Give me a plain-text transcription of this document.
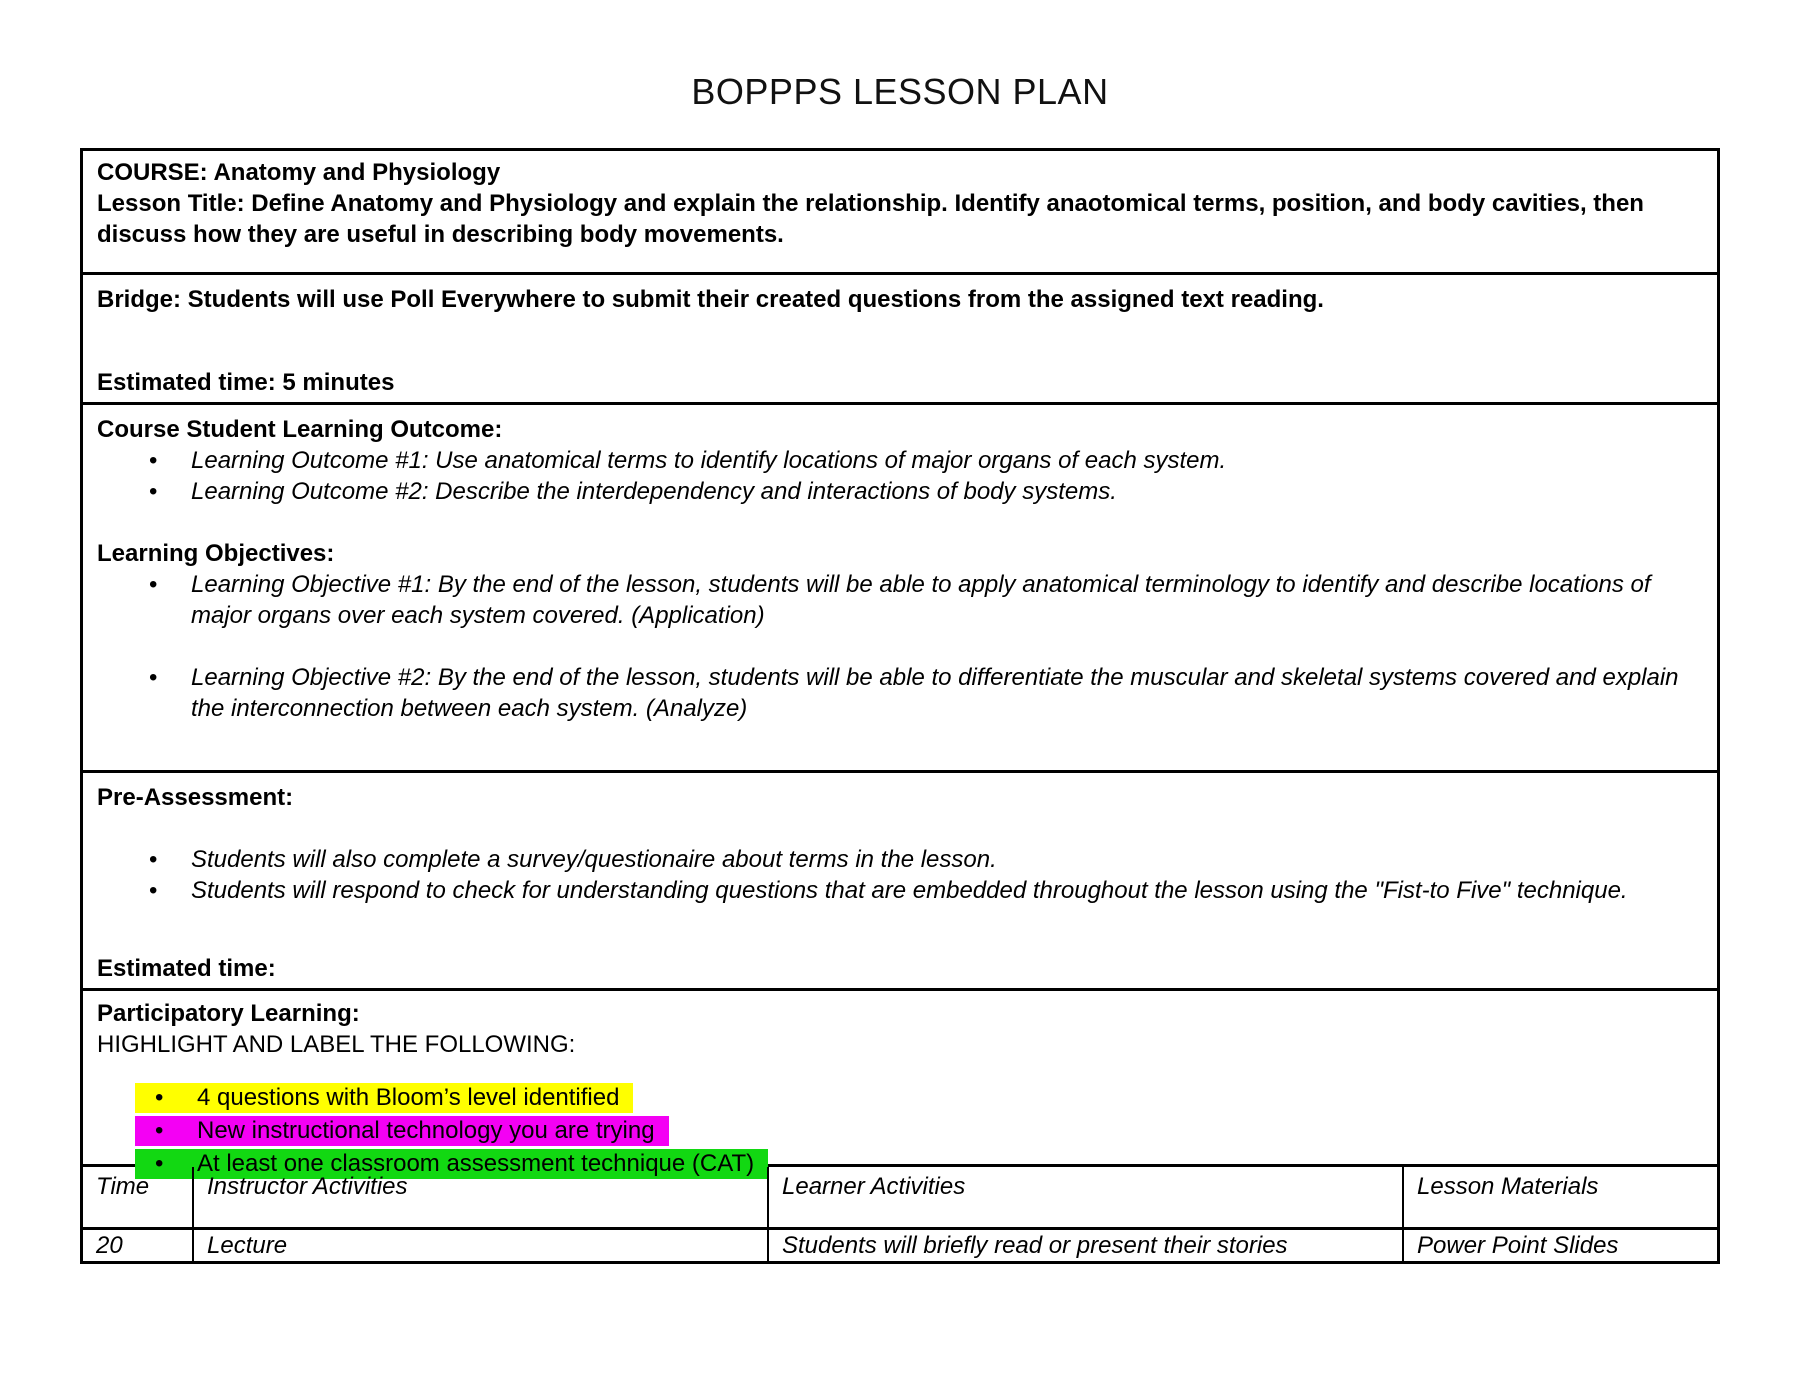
BOPPPS LESSON PLAN
COURSE: Anatomy and Physiology
Lesson Title: Define Anatomy and Physiology and explain the relationship. Identify anaotomical terms, position, and body cavities, then discuss how they are useful in describing body movements.
Bridge: Students will use Poll Everywhere to submit their created questions from the assigned text reading.
Estimated time: 5 minutes
Course Student Learning Outcome:
•
Learning Outcome #1: Use anatomical terms to identify locations of major organs of each system.
•
Learning Outcome #2: Describe the interdependency and interactions of body systems.
Learning Objectives:
•
Learning Objective #1: By the end of the lesson, students will be able to apply anatomical terminology to identify and describe locations of major organs over each system covered. (Application)
•
Learning Objective #2: By the end of the lesson, students will be able to differentiate the muscular and skeletal systems covered and explain the interconnection between each system. (Analyze)
Pre-Assessment:
•
Students will also complete a survey/questionaire about terms in the lesson.
•
Students will respond to check for understanding questions that are embedded throughout the lesson using the "Fist-to Five" technique.
Estimated time:
Participatory Learning:
HIGHLIGHT AND LABEL THE FOLLOWING:
•
4 questions with Bloom’s level identified
•
New instructional technology you are trying
•
At least one classroom assessment technique (CAT)
Time	Instructor Activities	Learner Activities	Lesson Materials
20	Lecture	Students will briefly read or present their stories	Power Point Slides
